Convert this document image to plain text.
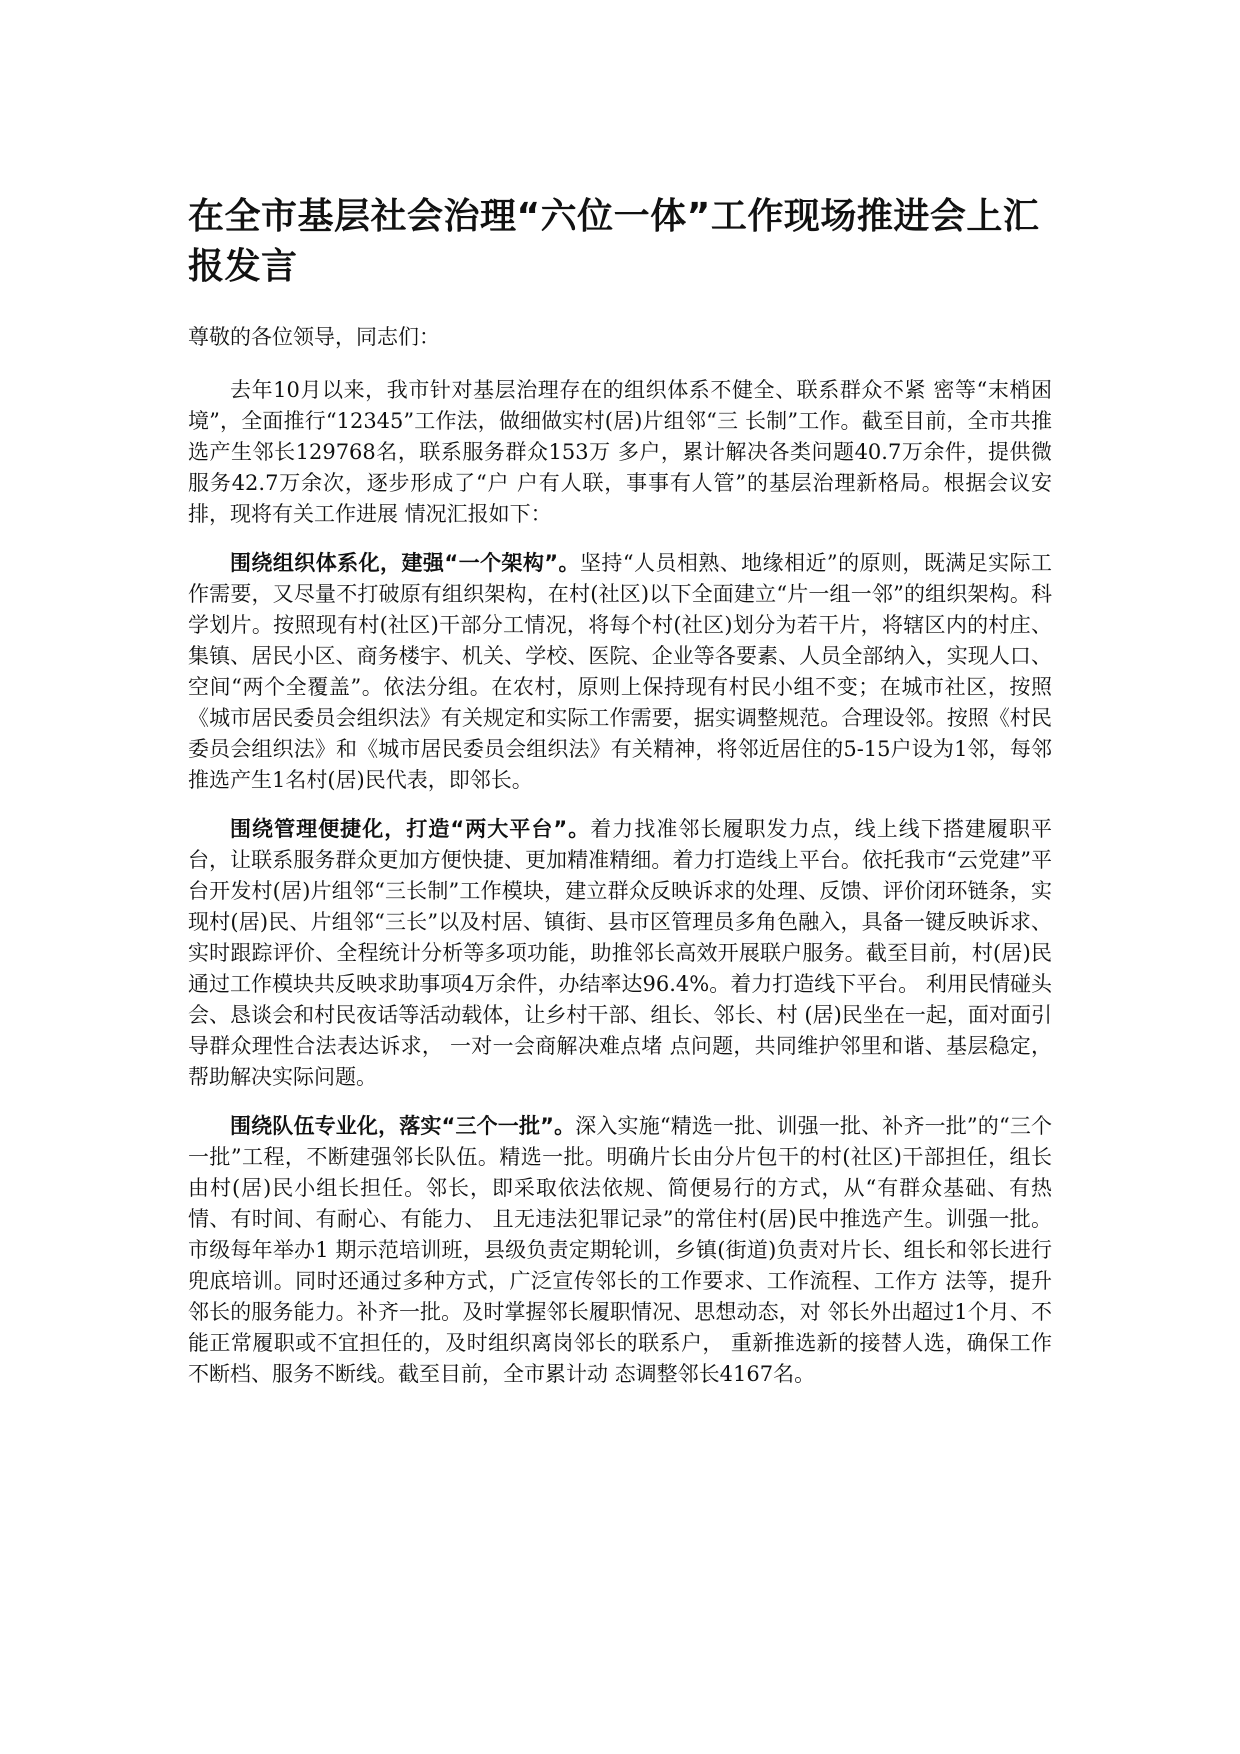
在全市基层社会治理“六位一体”工作现场推进会上汇报发言

尊敬的各位领导，同志们：

去年10月以来，我市针对基层治理存在的组织体系不健全、联系群众不紧 密等“末梢困境”，全面推行“12345”工作法，做细做实村(居)片组邻“三 长制”工作。截至目前，全市共推选产生邻长129768名，联系服务群众153万 多户，累计解决各类问题40.7万余件，提供微服务42.7万余次，逐步形成了“户 户有人联，事事有人管”的基层治理新格局。根据会议安排，现将有关工作进展 情况汇报如下：

围绕组织体系化，建强“一个架构”。坚持“人员相熟、地缘相近”的原则，既满足实际工作需要，又尽量不打破原有组织架构，在村(社区)以下全面建立“片一组一邻”的组织架构。科学划片。按照现有村(社区)干部分工情况，将每个村(社区)划分为若干片，将辖区内的村庄、集镇、居民小区、商务楼宇、机关、学校、医院、企业等各要素、人员全部纳入，实现人口、空间“两个全覆盖”。依法分组。在农村，原则上保持现有村民小组不变；在城市社区，按照《城市居民委员会组织法》有关规定和实际工作需要，据实调整规范。合理设邻。按照《村民委员会组织法》和《城市居民委员会组织法》有关精神，将邻近居住的5-15户设为1邻，每邻推选产生1名村(居)民代表，即邻长。

围绕管理便捷化，打造“两大平台”。着力找准邻长履职发力点，线上线下搭建履职平台，让联系服务群众更加方便快捷、更加精准精细。着力打造线上平台。依托我市“云党建”平台开发村(居)片组邻“三长制”工作模块，建立群众反映诉求的处理、反馈、评价闭环链条，实现村(居)民、片组邻“三长”以及村居、镇街、县市区管理员多角色融入，具备一键反映诉求、实时跟踪评价、全程统计分析等多项功能，助推邻长高效开展联户服务。截至目前，村(居)民通过工作模块共反映求助事项4万余件，办结率达96.4%。着力打造线下平台。 利用民情碰头会、恳谈会和村民夜话等活动载体，让乡村干部、组长、邻长、村 (居)民坐在一起，面对面引导群众理性合法表达诉求， 一对一会商解决难点堵 点问题，共同维护邻里和谐、基层稳定，帮助解决实际问题。

围绕队伍专业化，落实“三个一批”。深入实施“精选一批、训强一批、补齐一批”的“三个一批”工程，不断建强邻长队伍。精选一批。明确片长由分片包干的村(社区)干部担任，组长由村(居)民小组长担任。邻长，即采取依法依规、简便易行的方式，从“有群众基础、有热情、有时间、有耐心、有能力、 且无违法犯罪记录”的常住村(居)民中推选产生。训强一批。市级每年举办1 期示范培训班，县级负责定期轮训，乡镇(街道)负责对片长、组长和邻长进行 兜底培训。同时还通过多种方式，广泛宣传邻长的工作要求、工作流程、工作方 法等，提升邻长的服务能力。补齐一批。及时掌握邻长履职情况、思想动态，对 邻长外出超过1个月、不能正常履职或不宜担任的，及时组织离岗邻长的联系户， 重新推选新的接替人选，确保工作不断档、服务不断线。截至目前，全市累计动 态调整邻长4167名。
